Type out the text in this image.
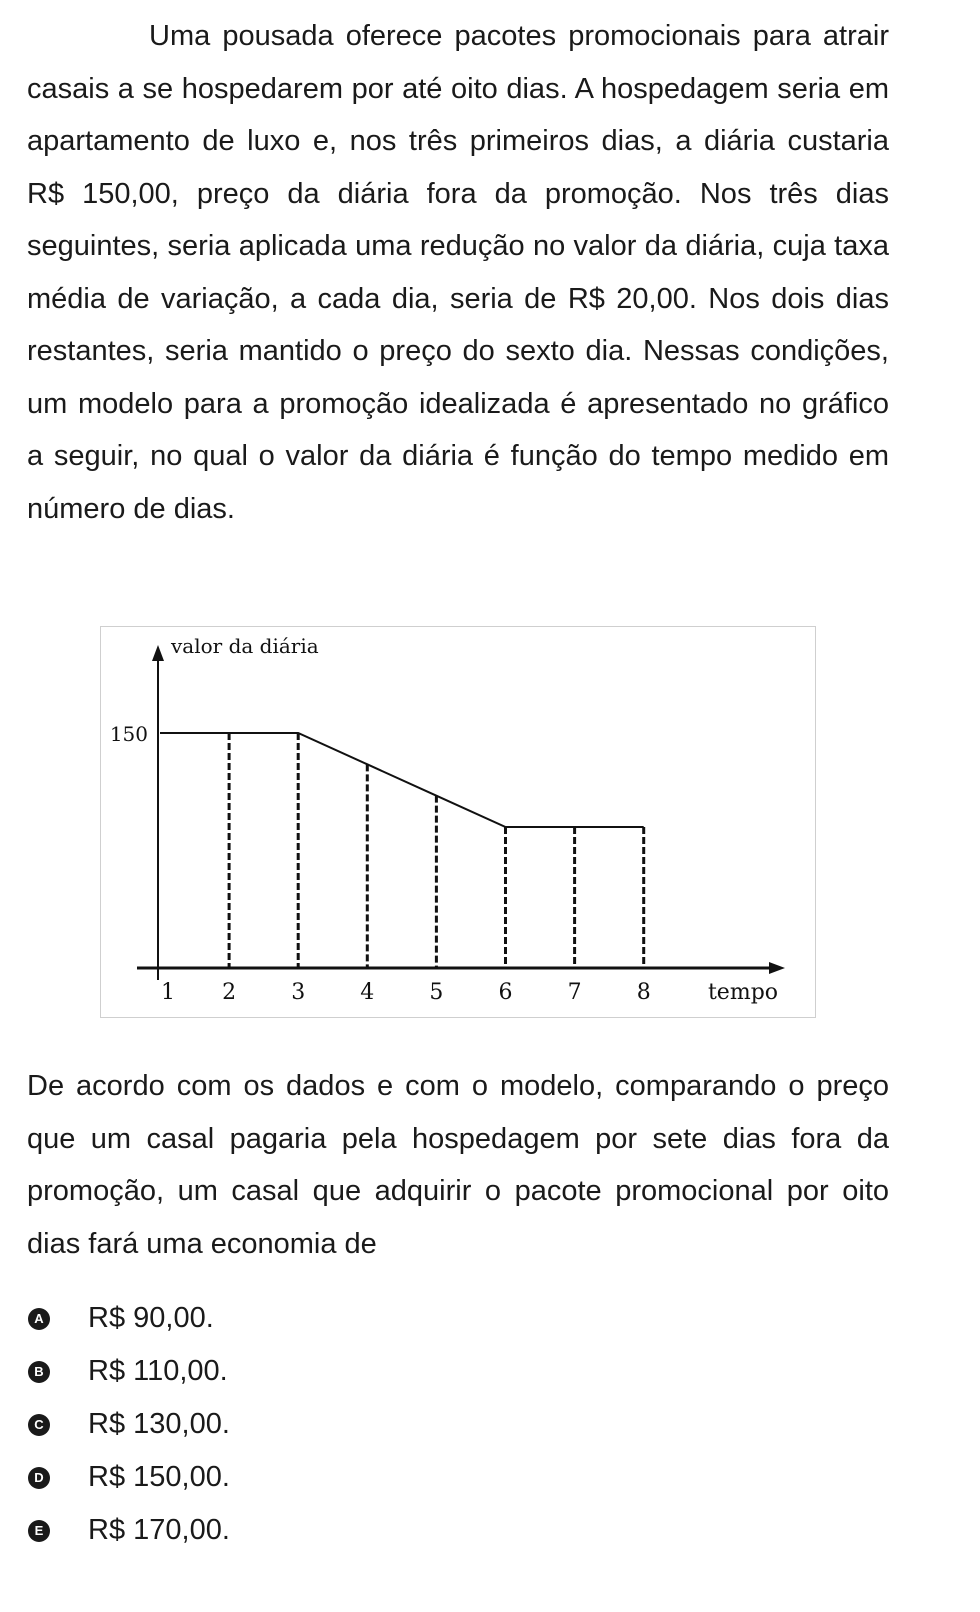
Uma pousada oferece pacotes promocionais para atrair casais a se hospedarem por até oito dias. A hospedagem seria em apartamento de luxo e, nos três primeiros dias, a diária custaria R$ 150,00, preço da diária fora da promoção. Nos três dias seguintes, seria aplicada uma redução no valor da diária, cuja taxa média de variação, a cada dia, seria de R$ 20,00. Nos dois dias restantes, seria mantido o preço do sexto dia. Nessas condições, um modelo para a promoção idealizada é apresentado no gráfico a seguir, no qual o valor da diária é função do tempo medido em número de dias.

1 2	3	4	5	6	7	8
150
valor da diária
tempo

De acordo com os dados e com o modelo, comparando o preço que um casal pagaria pela hospedagem por sete dias fora da promoção, um casal que adquirir o pacote promocional por oito dias fará uma economia de

A R$ 90,00.
B R$ 110,00.
C R$ 130,00.
D R$ 150,00.
E R$ 170,00.
